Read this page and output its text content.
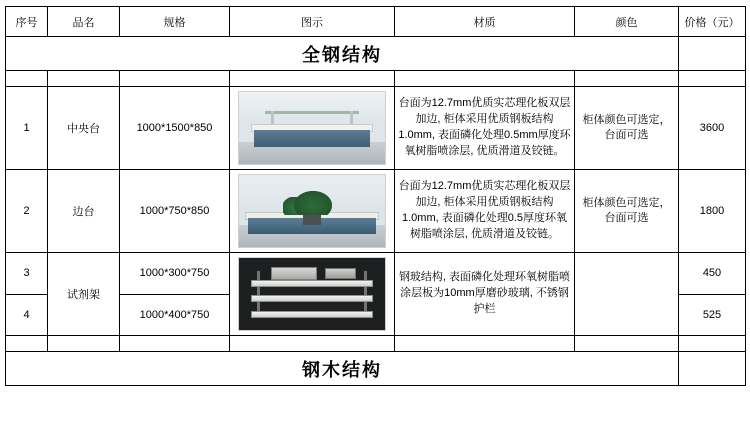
序号	品名	规格	图示	材质	颜色	价格（元）
全钢结构						

1	中央台	1000*1500*850		台面为12.7mm优质实芯理化板双层加边, 柜体采用优质钢板结构1.0mm, 表面磷化处理0.5mm厚度环氧树脂喷涂层, 优质滑道及铰链。	柜体颜色可选定，台面可选	3600
2	边台	1000*750*850		台面为12.7mm优质实芯理化板双层加边, 柜体采用优质钢板结构1.0mm, 表面磷化处理0.5厚度环氧树脂喷涂层, 优质滑道及铰链。	柜体颜色可选定，台面可选	1800
3	试剂架	1000*300*750		钢玻结构, 表面磷化处理环氧树脂喷涂层板为10mm厚磨砂玻璃, 不锈钢护栏		450
4		1000*400*750				525

钢木结构						
